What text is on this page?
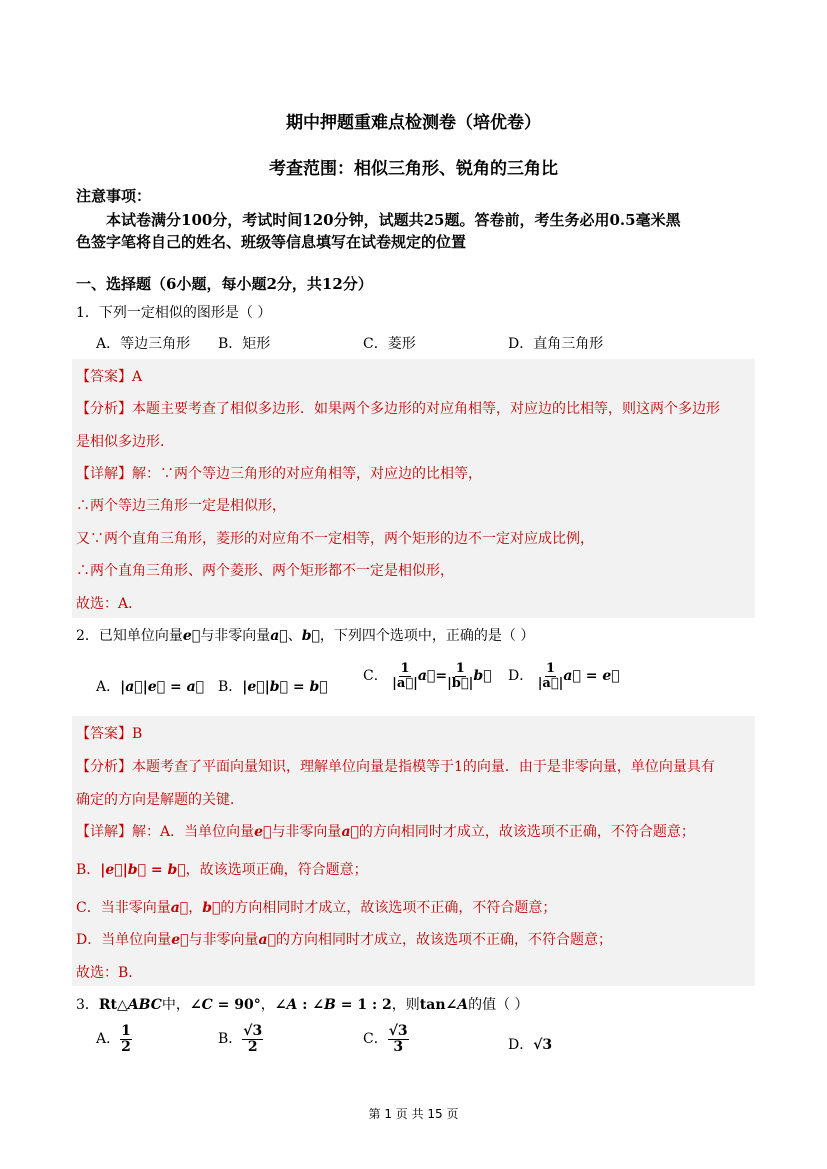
期中押题重难点检测卷（培优卷）
考查范围：相似三角形、锐角的三角比
注意事项：
本试卷满分100分，考试时间120分钟，试题共25题。答卷前，考生务必用0.5毫米黑
色签字笔将自己的姓名、班级等信息填写在试卷规定的位置
一、选择题（6小题，每小题2分，共12分）
1．下列一定相似的图形是（ ）
A．等边三角形 B．矩形	C．菱形	D．直角三角形
【答案】A
【分析】本题主要考查了相似多边形．如果两个多边形的对应角相等，对应边的比相等，则这两个多边形
是相似多边形．
【详解】解：∵两个等边三角形的对应角相等，对应边的比相等，
∴两个等边三角形一定是相似形，
又∵两个直角三角形，菱形的对应角不一定相等，两个矩形的边不一定对应成比例，
∴两个直角三角形、两个菱形、两个矩形都不一定是相似形，
故选：A．
2．已知单位向量e⃗与非零向量a⃗、b⃗，下列四个选项中，正确的是（ ）
A．|a⃗|e⃗ = a⃗ B．|e⃗|b⃗ = b⃗
C． $\frac{1}{|a⃗|}$ a⃗= $\frac{1}{|b⃗|}$ b⃗ D． $\frac{1}{|a⃗|}$ a⃗ = e⃗
【答案】B
【分析】本题考查了平面向量知识，理解单位向量是指模等于1的向量．由于是非零向量，单位向量具有
确定的方向是解题的关键．
【详解】解：A．当单位向量e⃗与非零向量a⃗的方向相同时才成立，故该选项不正确，不符合题意；
B．|e⃗|b⃗ = b⃗，故该选项正确，符合题意；
C．当非零向量a⃗，b⃗的方向相同时才成立，故该选项不正确，不符合题意；
D．当单位向量e⃗与非零向量a⃗的方向相同时才成立，故该选项不正确，不符合题意；
故选：B．
3．Rt△ABC中，∠C = 90°，∠A : ∠B = 1 : 2，则tan∠A的值（ ）
A． $\frac{1}{2}$	B． $\frac{√3}{2}$	C． $\frac{√3}{3}$	D．√3
第 1 页 共 15 页
